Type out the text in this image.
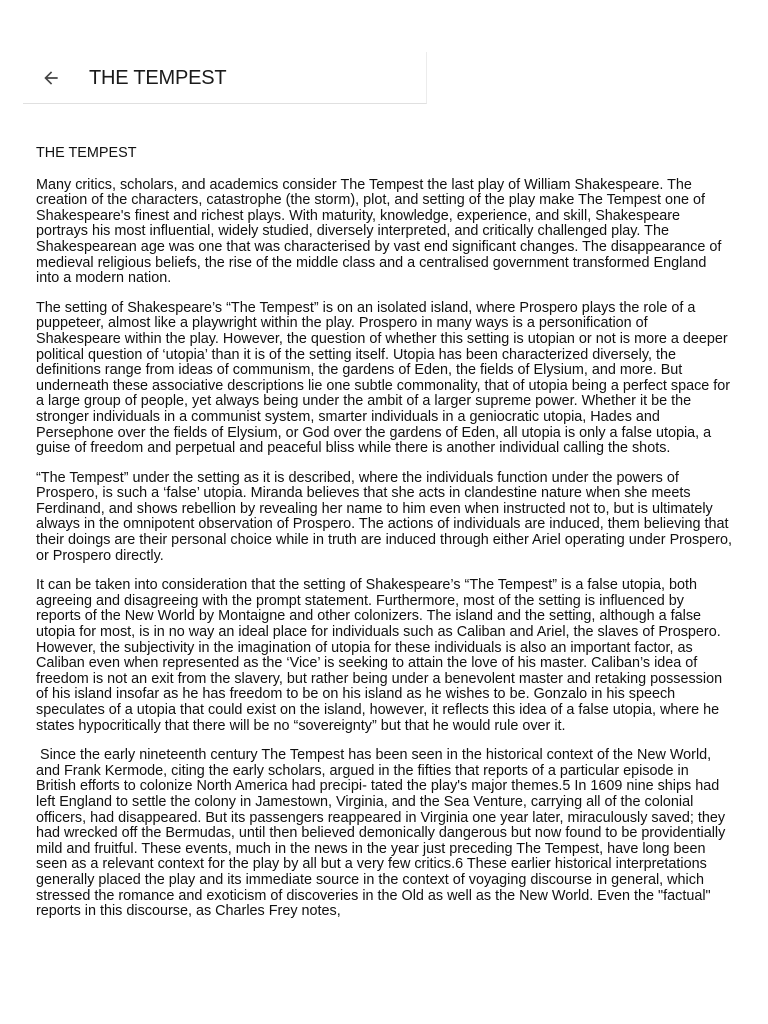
THE TEMPEST

THE TEMPEST

Many critics, scholars, and academics consider The Tempest the last play of William Shakespeare. The creation of the characters, catastrophe (the storm), plot, and setting of the play make The Tempest one of Shakespeare's finest and richest plays. With maturity, knowledge, experience, and skill, Shakespeare portrays his most influential, widely studied, diversely interpreted, and critically challenged play. The Shakespearean age was one that was characterised by vast end significant changes. The disappearance of medieval religious beliefs, the rise of the middle class and a centralised government transformed England into a modern nation.

The setting of Shakespeare’s “The Tempest” is on an isolated island, where Prospero plays the role of a puppeteer, almost like a playwright within the play. Prospero in many ways is a personification of Shakespeare within the play. However, the question of whether this setting is utopian or not is more a deeper political question of ‘utopia’ than it is of the setting itself. Utopia has been characterized diversely, the definitions range from ideas of communism, the gardens of Eden, the fields of Elysium, and more. But underneath these associative descriptions lie one subtle commonality, that of utopia being a perfect space for a large group of people, yet always being under the ambit of a larger supreme power. Whether it be the stronger individuals in a communist system, smarter individuals in a geniocratic utopia, Hades and Persephone over the fields of Elysium, or God over the gardens of Eden, all utopia is only a false utopia, a guise of freedom and perpetual and peaceful bliss while there is another individual calling the shots.

“The Tempest” under the setting as it is described, where the individuals function under the powers of Prospero, is such a ‘false’ utopia. Miranda believes that she acts in clandestine nature when she meets Ferdinand, and shows rebellion by revealing her name to him even when instructed not to, but is ultimately always in the omnipotent observation of Prospero. The actions of individuals are induced, them believing that their doings are their personal choice while in truth are induced through either Ariel operating under Prospero, or Prospero directly.

It can be taken into consideration that the setting of Shakespeare’s “The Tempest” is a false utopia, both agreeing and disagreeing with the prompt statement. Furthermore, most of the setting is influenced by reports of the New World by Montaigne and other colonizers. The island and the setting, although a false utopia for most, is in no way an ideal place for individuals such as Caliban and Ariel, the slaves of Prospero. However, the subjectivity in the imagination of utopia for these individuals is also an important factor, as Caliban even when represented as the ‘Vice’ is seeking to attain the love of his master. Caliban’s idea of freedom is not an exit from the slavery, but rather being under a benevolent master and retaking possession of his island insofar as he has freedom to be on his island as he wishes to be. Gonzalo in his speech speculates of a utopia that could exist on the island, however, it reflects this idea of a false utopia, where he states hypocritically that there will be no “sovereignty” but that he would rule over it.

Since the early nineteenth century The Tempest has been seen in the historical context of the New World, and Frank Kermode, citing the early scholars, argued in the fifties that reports of a particular episode in British efforts to colonize North America had precipi- tated the play's major themes.5 In 1609 nine ships had left England to settle the colony in Jamestown, Virginia, and the Sea Venture, carrying all of the colonial officers, had disappeared. But its passengers reappeared in Virginia one year later, miraculously saved; they had wrecked off the Bermudas, until then believed demonically dangerous but now found to be providentially mild and fruitful. These events, much in the news in the year just preceding The Tempest, have long been seen as a relevant context for the play by all but a very few critics.6 These earlier historical interpretations generally placed the play and its immediate source in the context of voyaging discourse in general, which stressed the romance and exoticism of discoveries in the Old as well as the New World. Even the "factual" reports in this discourse, as Charles Frey notes,
